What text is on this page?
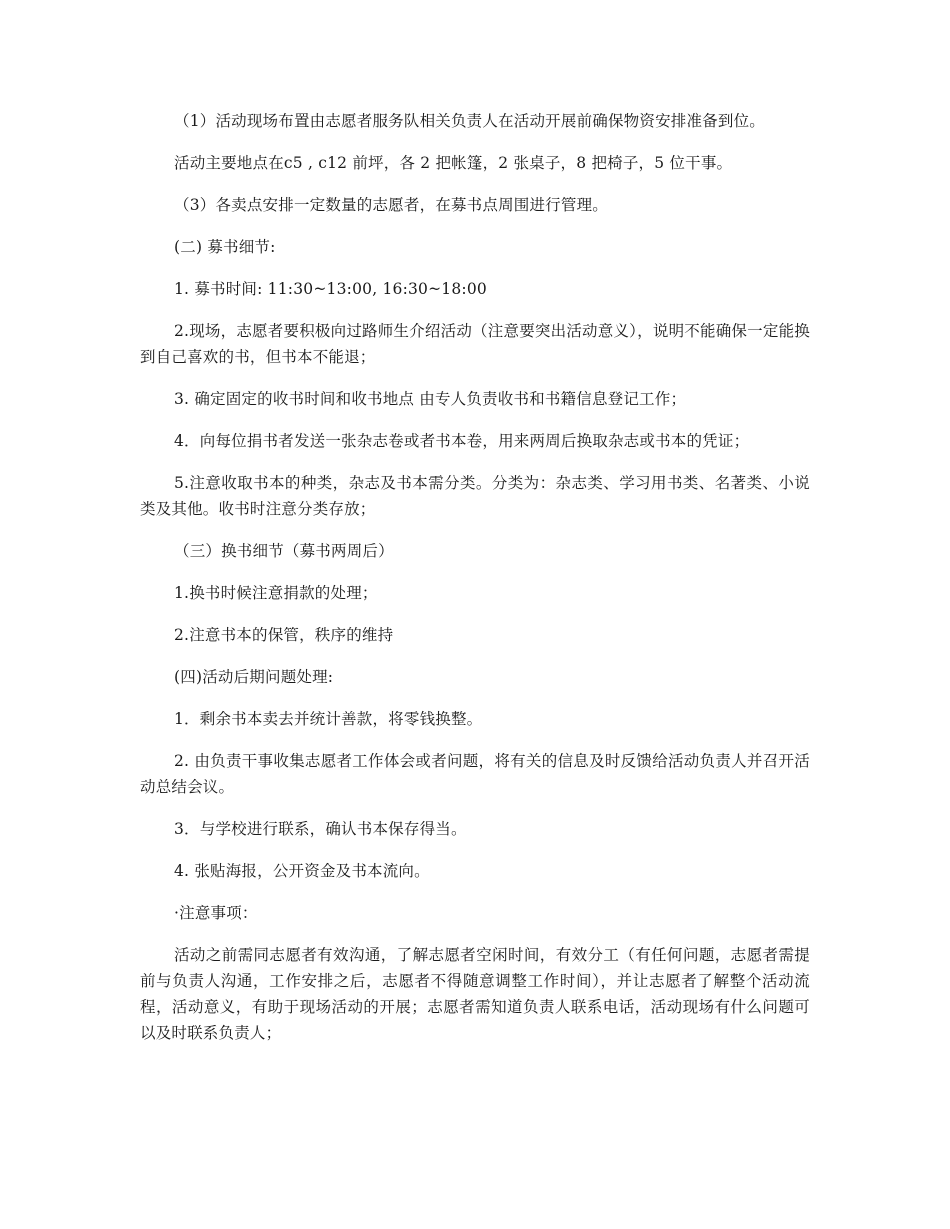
（1）活动现场布置由志愿者服务队相关负责人在活动开展前确保物资安排准备到位。

活动主要地点在c5 , c12 前坪，各 2 把帐篷，2 张桌子，8 把椅子，5 位干事。

（3）各卖点安排一定数量的志愿者，在募书点周围进行管理。

(二) 募书细节:

1. 募书时间: 11:30~13:00, 16:30~18:00

2.现场，志愿者要积极向过路师生介绍活动（注意要突出活动意义），说明不能确保一定能换到自己喜欢的书，但书本不能退；

3. 确定固定的收书时间和收书地点 由专人负责收书和书籍信息登记工作；

4．向每位捐书者发送一张杂志卷或者书本卷，用来两周后换取杂志或书本的凭证；

5.注意收取书本的种类，杂志及书本需分类。分类为：杂志类、学习用书类、名著类、小说类及其他。收书时注意分类存放；

（三）换书细节（募书两周后）

1.换书时候注意捐款的处理；

2.注意书本的保管，秩序的维持

(四)活动后期问题处理:

1．剩余书本卖去并统计善款，将零钱换整。

2. 由负责干事收集志愿者工作体会或者问题，将有关的信息及时反馈给活动负责人并召开活动总结会议。

3．与学校进行联系，确认书本保存得当。

4. 张贴海报，公开资金及书本流向。

·注意事项：

活动之前需同志愿者有效沟通，了解志愿者空闲时间，有效分工（有任何问题，志愿者需提前与负责人沟通，工作安排之后，志愿者不得随意调整工作时间），并让志愿者了解整个活动流程，活动意义，有助于现场活动的开展；志愿者需知道负责人联系电话，活动现场有什么问题可以及时联系负责人；
